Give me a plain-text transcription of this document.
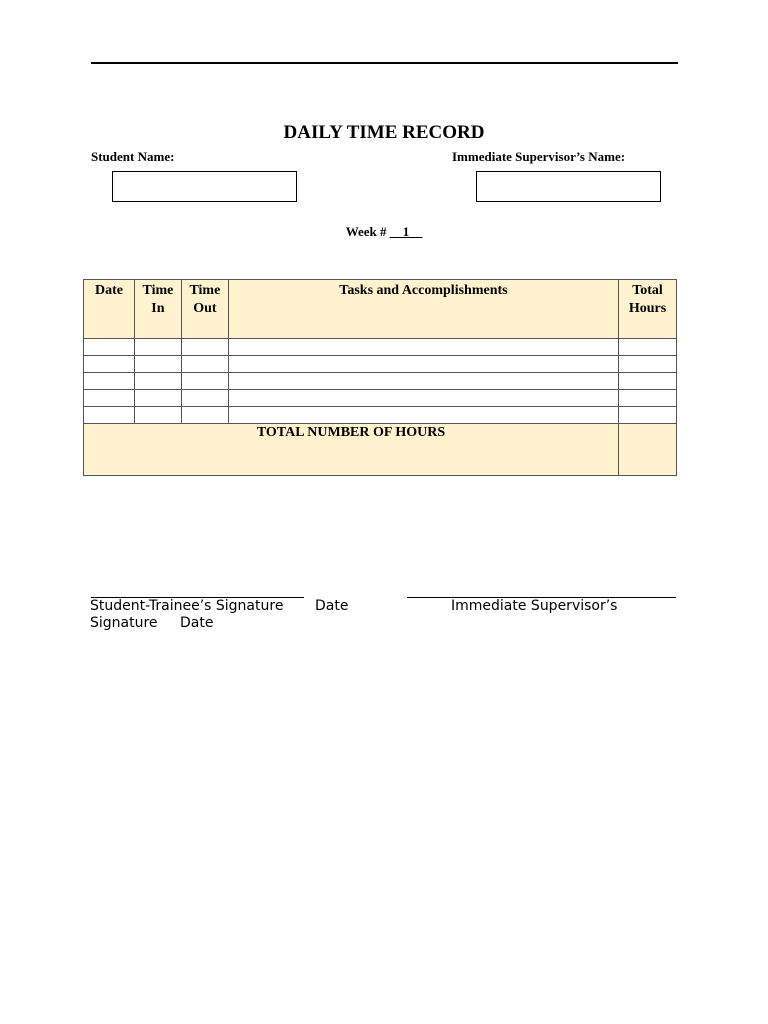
DAILY TIME RECORD
Student Name:	Immediate Supervisor’s Name:
Week # __1__
Date	Time In	Time Out	Tasks and Accomplishments	Total Hours

TOTAL NUMBER OF HOURS				
Student-Trainee’s Signature Date	Immediate Supervisor’s
Signature Date
